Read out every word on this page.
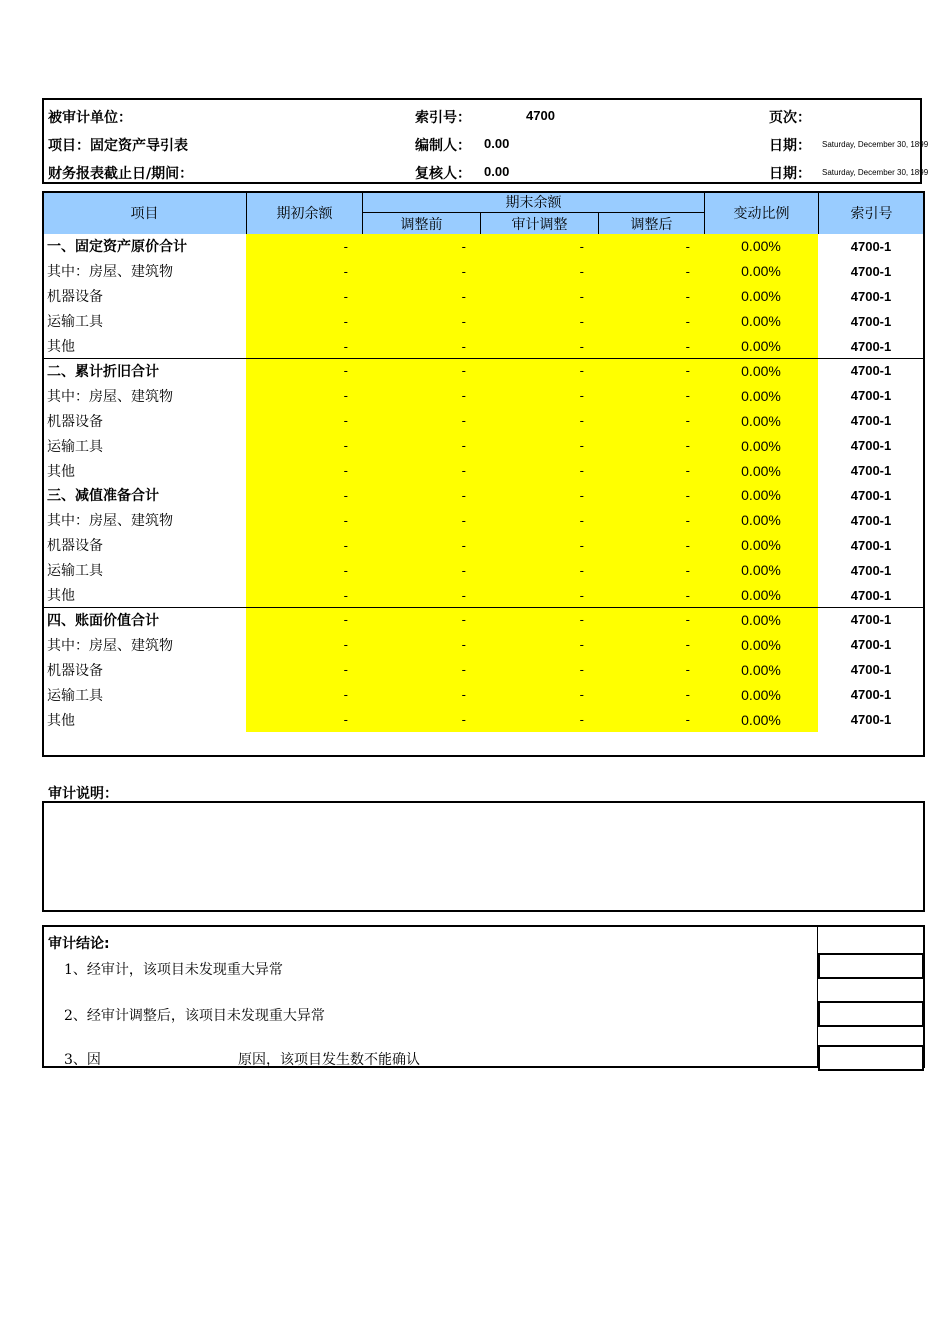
被审计单位：	索引号：	4700	页次：
项目：固定资产导引表	编制人： 0.00	日期： Saturday, December 30, 1899
财务报表截止日/期间：	复核人： 0.00	日期： Saturday, December 30, 1899
项目	期初余额
期末余额
调整前	审计调整	调整后
变动比例	索引号
一、固定资产原价合计	-	-	-	-	0.00%	4700-1
其中：房屋、建筑物	-	-	-	-	0.00%	4700-1
机器设备	-	-	-	-	0.00%	4700-1
运输工具	-	-	-	-	0.00%	4700-1
其他	-	-	-	-	0.00%	4700-1
二、累计折旧合计	-	-	-	-	0.00%	4700-1
其中：房屋、建筑物	-	-	-	-	0.00%	4700-1
机器设备	-	-	-	-	0.00%	4700-1
运输工具	-	-	-	-	0.00%	4700-1
其他	-	-	-	-	0.00%	4700-1
三、减值准备合计	-	-	-	-	0.00%	4700-1
其中：房屋、建筑物	-	-	-	-	0.00%	4700-1
机器设备	-	-	-	-	0.00%	4700-1
运输工具	-	-	-	-	0.00%	4700-1
其他	-	-	-	-	0.00%	4700-1
四、账面价值合计	-	-	-	-	0.00%	4700-1
其中：房屋、建筑物	-	-	-	-	0.00%	4700-1
机器设备	-	-	-	-	0.00%	4700-1
运输工具	-	-	-	-	0.00%	4700-1
其他	-	-	-	-	0.00%	4700-1
审计说明：
审计结论:
1、经审计，该项目未发现重大异常
2、经审计调整后，该项目未发现重大异常
3、因	原因，该项目发生数不能确认
